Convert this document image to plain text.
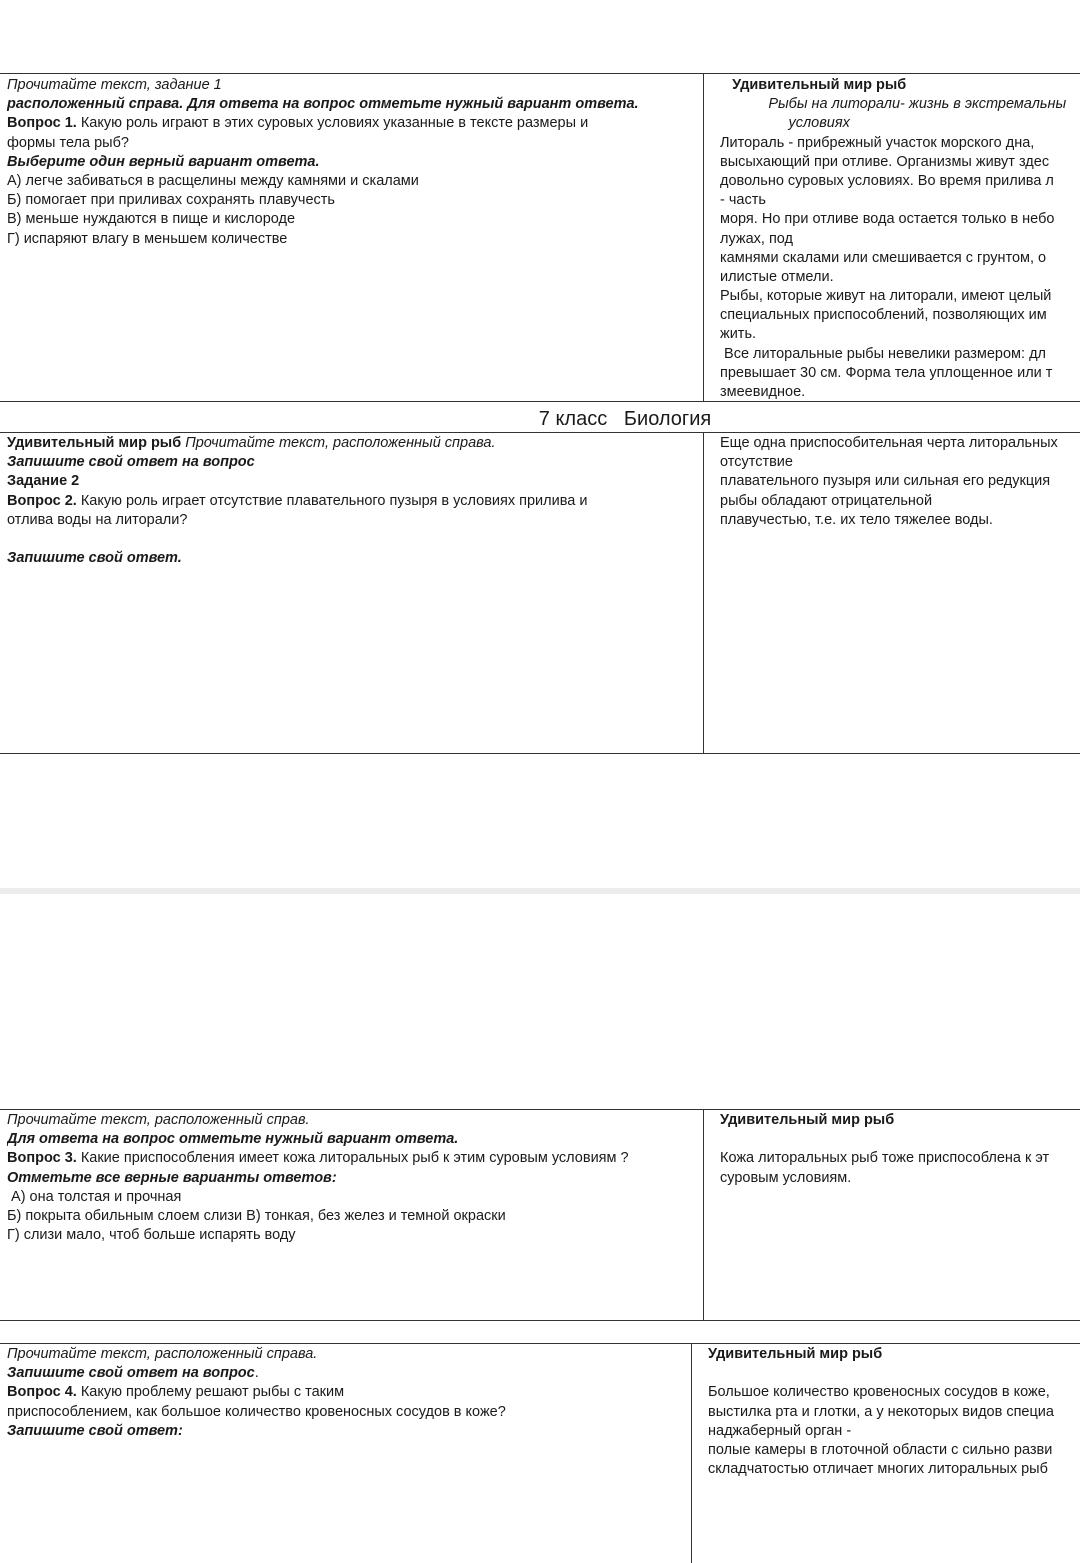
Прочитайте текст, задание 1
расположенный справа. Для ответа на вопрос отметьте нужный вариант ответа.
Вопрос 1. Какую роль играют в этих суровых условиях указанные в тексте размеры и
формы тела рыб?
Выберите один верный вариант ответа.
А) легче забиваться в расщелины между камнями и скалами
Б) помогает при приливах сохранять плавучесть
В) меньше нуждаются в пище и кислороде
Г) испаряют влагу в меньшем количестве
Удивительный мир рыб
Рыбы на литорали- жизнь в экстремальны
условиях
Литораль - прибрежный участок морского дна,
высыхающий при отливе. Организмы живут здес
довольно суровых условиях. Во время прилива л
- часть
моря. Но при отливе вода остается только в небо
лужах, под
камнями скалами или смешивается с грунтом, о
илистые отмели.
Рыбы, которые живут на литорали, имеют целый
специальных приспособлений, позволяющих им
жить.
Все литоральные рыбы невелики размером: дл
превышает 30 см. Форма тела уплощенное или т
змеевидное.
7 класс   Биология
Удивительный мир рыб Прочитайте текст, расположенный справа.
Запишите свой ответ на вопрос
Задание 2
Вопрос 2. Какую роль играет отсутствие плавательного пузыря в условиях прилива и
отлива воды на литорали?
Запишите свой ответ.
Еще одна приспособительная черта литоральных
отсутствие
плавательного пузыря или сильная его редукция
рыбы обладают отрицательной
плавучестью, т.е. их тело тяжелее воды.
Прочитайте текст, расположенный справ.
Для ответа на вопрос отметьте нужный вариант ответа.
Вопрос 3. Какие приспособления имеет кожа литоральных рыб к этим суровым условиям ?
Отметьте все верные варианты ответов:
А) она толстая и прочная
Б) покрыта обильным слоем слизи В) тонкая, без желез и темной окраски
Г) слизи мало, чтоб больше испарять воду
Удивительный мир рыб
Кожа литоральных рыб тоже приспособлена к эт
суровым условиям.
Прочитайте текст, расположенный справа.
Запишите свой ответ на вопрос.
Вопрос 4. Какую проблему решают рыбы с таким
приспособлением, как большое количество кровеносных сосудов в коже?
Запишите свой ответ:
Удивительный мир рыб
Большое количество кровеносных сосудов в коже,
выстилка рта и глотки, а у некоторых видов специа
наджаберный орган -
полые камеры в глоточной области с сильно разви
складчатостью отличает многих литоральных рыб
